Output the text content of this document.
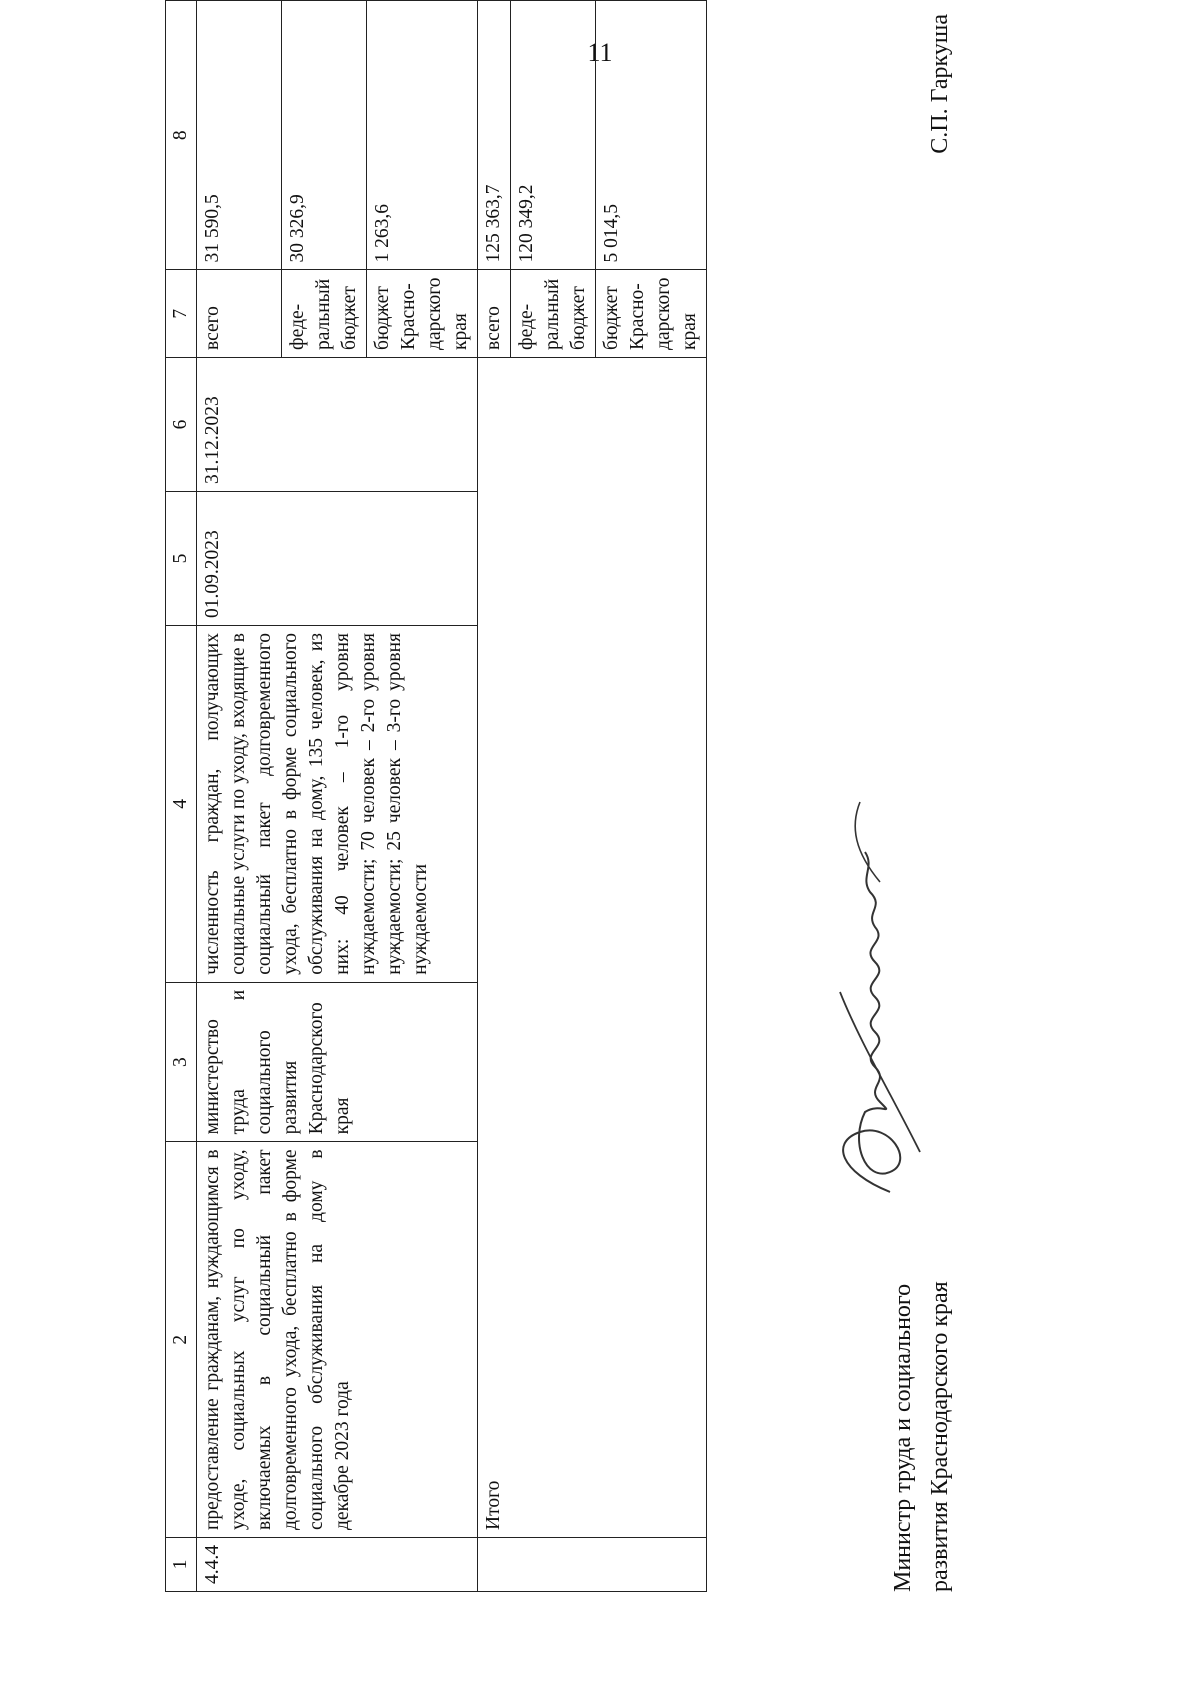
11
1	2	3	4	5	6	7	8
4.4.4	предоставление гражданам, нуждающимся в уходе, социальных услуг по уходу, включаемых в социальный пакет долговременного ухода, бесплатно в форме социального обслуживания на дому в декабре 2023 года	министерство труда и социального развития Краснодарского края	численность граждан, получающих социальные услуги по уходу, входящие в социальный пакет долговременного ухода, бесплатно в форме социального обслуживания на дому, 135 человек, из них: 40 человек – 1-го уровня нуждаемости; 70 человек – 2-го уровня нуждаемости; 25 человек – 3-го уровня нуждаемости	01.09.2023	31.12.2023	всего	31 590,5
						феде-ральный бюджет	30 326,9
						бюджет Красно-дарского края	1 263,6
	Итого					всего	125 363,7
						феде-ральный бюджет	120 349,2
						бюджет Красно-дарского края	5 014,5
Министр труда и социального развития Краснодарского края
С.П. Гаркуша
